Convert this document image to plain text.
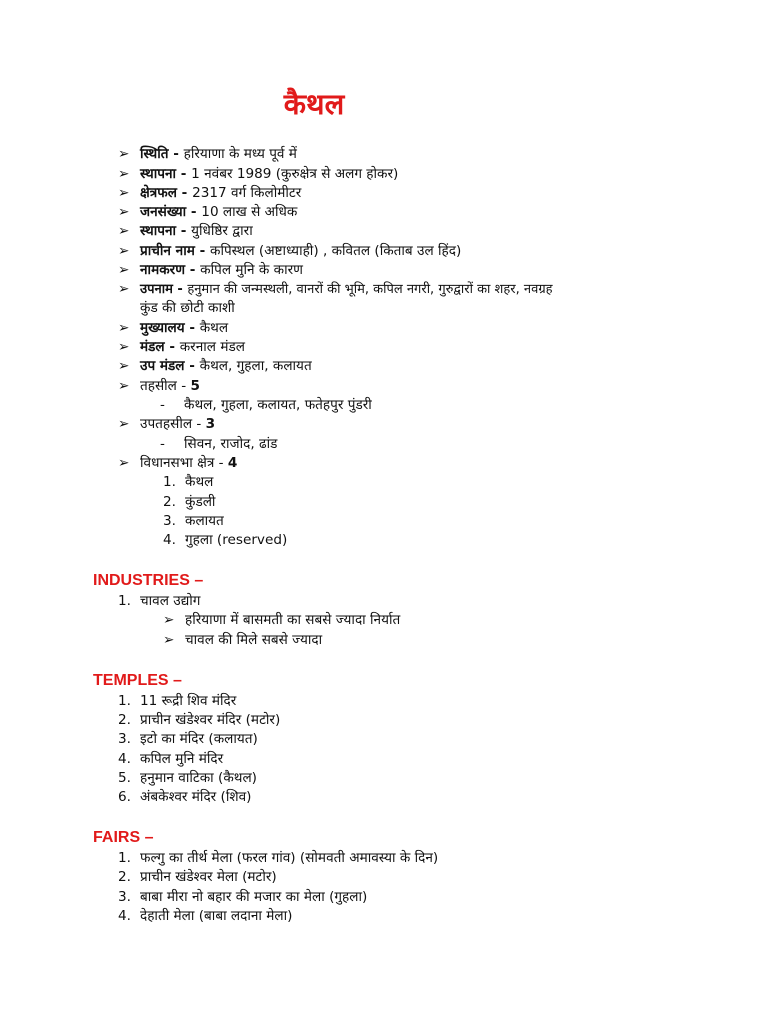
कैथल
➢ स्थिति - हरियाणा के मध्य पूर्व में
➢ स्थापना - 1 नवंबर 1989 (कुरुक्षेत्र से अलग होकर)
➢ क्षेत्रफल - 2317 वर्ग किलोमीटर
➢ जनसंख्या - 10 लाख से अधिक
➢ स्थापना - युधिष्ठिर द्वारा
➢ प्राचीन नाम - कपिस्थल (अष्टाध्याही) , कवितल (किताब उल हिंद)
➢ नामकरण - कपिल मुनि के कारण
➢ उपनाम - हनुमान की जन्मस्थली, वानरों की भूमि, कपिल नगरी, गुरुद्वारों का शहर, नवग्रह
कुंड की छोटी काशी
➢ मुख्यालय - कैथल
➢ मंडल - करनाल मंडल
➢ उप मंडल - कैथल, गुहला, कलायत
➢ तहसील - 5
- कैथल, गुहला, कलायत, फतेहपुर पुंडरी
➢ उपतहसील - 3
- सिवन, राजोद, ढांड
➢ विधानसभा क्षेत्र - 4
1. कैथल
2. कुंडली
3. कलायत
4. गुहला (reserved)
INDUSTRIES –
1. चावल उद्योग
➢ हरियाणा में बासमती का सबसे ज्यादा निर्यात
➢ चावल की मिले सबसे ज्यादा
TEMPLES –
1. 11 रूद्री शिव मंदिर
2. प्राचीन खंडेश्वर मंदिर (मटोर)
3. इटो का मंदिर (कलायत)
4. कपिल मुनि मंदिर
5. हनुमान वाटिका (कैथल)
6. अंबकेश्वर मंदिर (शिव)
FAIRS –
1. फल्गु का तीर्थ मेला (फरल गांव) (सोमवती अमावस्या के दिन)
2. प्राचीन खंडेश्वर मेला (मटोर)
3. बाबा मीरा नो बहार की मजार का मेला (गुहला)
4. देहाती मेला (बाबा लदाना मेला)
